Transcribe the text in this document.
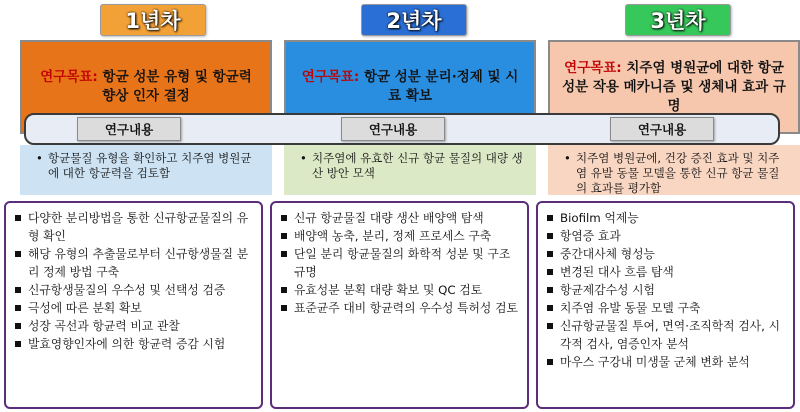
1년차	2년차	3년차
연구목표: 항균 성분 유형 및 항균력 향상 인자 결정
연구목표: 항균 성분 분리·정제 및 시료 확보
연구목표: 치주염 병원균에 대한 항균 성분 작용 메카니즘 및 생체내 효과 규명
연구내용	연구내용	연구내용
• 항균물질 유형을 확인하고 치주염 병원균에 대한 항균력을 검토함
• 치주염에 유효한 신규 항균 물질의 대량 생산 방안 모색
• 치주염 병원균에, 건강 증진 효과 및 치주염 유발 동물 모델을 통한 신규 항균 물질의 효과를 평가함
다양한 분리방법을 통한 신규항균물질의 유형 확인
해당 유형의 추출물로부터 신규항생물질 분리 정제 방법 구축
신규항생물질의 우수성 및 선택성 검증
극성에 따른 분획 확보
성장 곡선과 항균력 비교 관찰
발효영향인자에 의한 항균력 증감 시험
신규 항균물질 대량 생산 배양액 탐색
배양액 농축, 분리, 정제 프로세스 구축
단일 분리 항균물질의 화학적 성분 및 구조 규명
유효성분 분획 대량 확보 및 QC 검토
표준균주 대비 항균력의 우수성 특허성 검토
Biofilm 억제능
항염증 효과
중간대사체 형성능
변경된 대사 흐름 탐색
항균제감수성 시험
치주염 유발 동물 모델 구축
신규항균물질 투여, 면역·조직학적 검사, 시각적 검사, 염증인자 분석
마우스 구강내 미생물 군체 변화 분석
